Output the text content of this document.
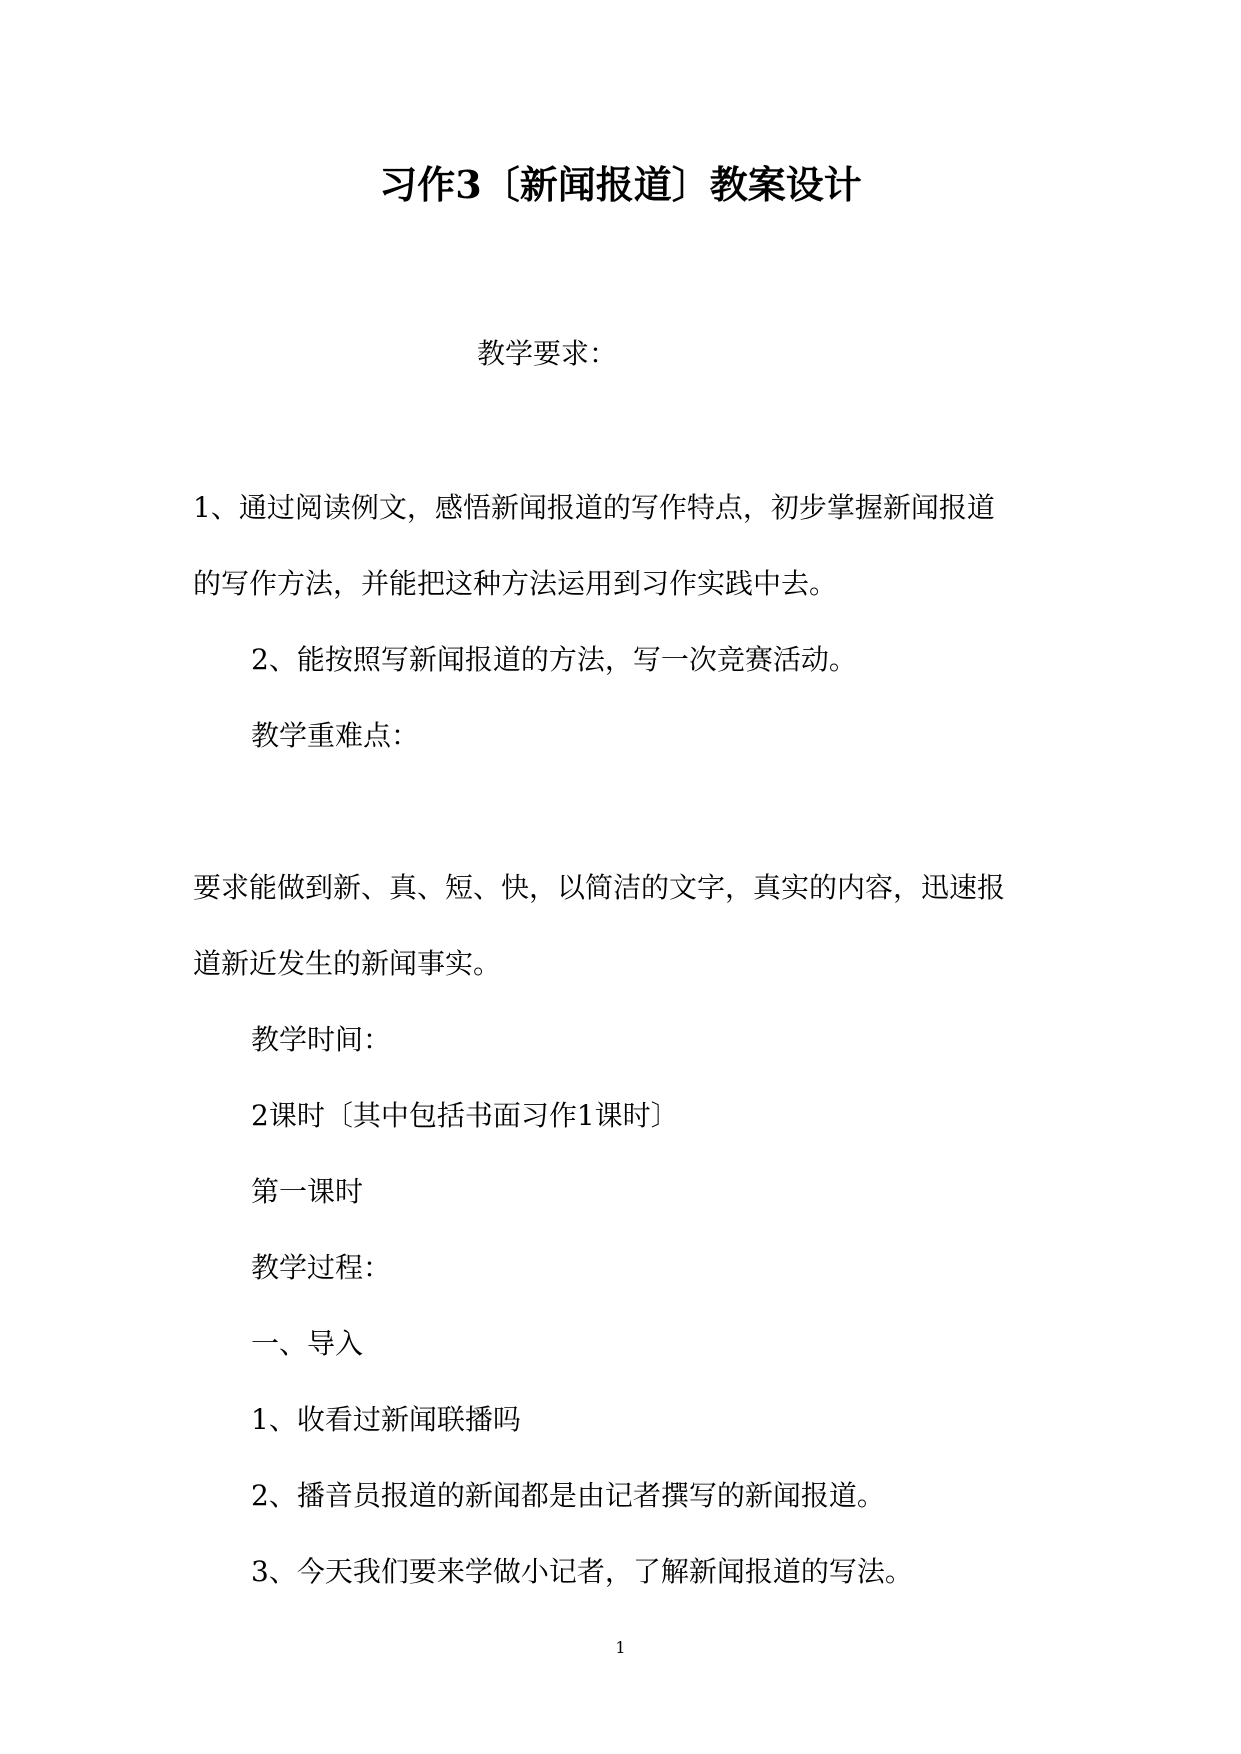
习作3〔新闻报道〕教案设计

教学要求：

1、通过阅读例文，感悟新闻报道的写作特点，初步掌握新闻报道

的写作方法，并能把这种方法运用到习作实践中去。

2、能按照写新闻报道的方法，写一次竞赛活动。

教学重难点：

要求能做到新、真、短、快，以简洁的文字，真实的内容，迅速报

道新近发生的新闻事实。

教学时间：

2课时〔其中包括书面习作1课时〕

第一课时

教学过程：

一、导入

1、收看过新闻联播吗

2、播音员报道的新闻都是由记者撰写的新闻报道。

3、今天我们要来学做小记者，了解新闻报道的写法。

1
